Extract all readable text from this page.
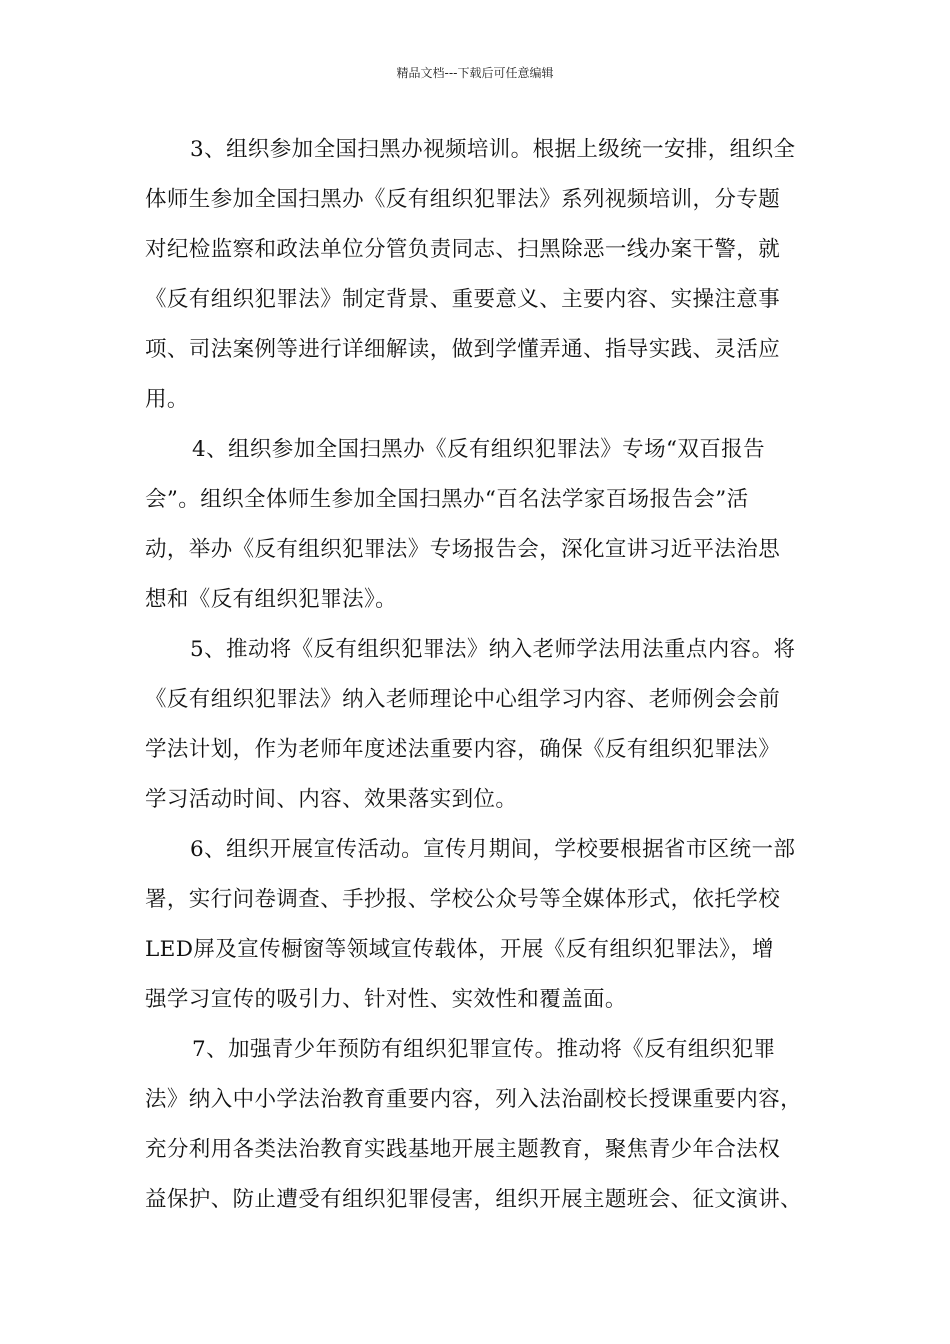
精品文档---下载后可任意编辑
3、组织参加全国扫黑办视频培训。根据上级统一安排，组织全
体师生参加全国扫黑办《反有组织犯罪法》系列视频培训，分专题
对纪检监察和政法单位分管负责同志、扫黑除恶一线办案干警，就
《反有组织犯罪法》制定背景、重要意义、主要内容、实操注意事
项、司法案例等进行详细解读，做到学懂弄通、指导实践、灵活应
用。
4、组织参加全国扫黑办《反有组织犯罪法》专场“双百报告
会”。组织全体师生参加全国扫黑办“百名法学家百场报告会”活
动，举办《反有组织犯罪法》专场报告会，深化宣讲习近平法治思
想和《反有组织犯罪法》。
5、推动将《反有组织犯罪法》纳入老师学法用法重点内容。将
《反有组织犯罪法》纳入老师理论中心组学习内容、老师例会会前
学法计划，作为老师年度述法重要内容，确保《反有组织犯罪法》
学习活动时间、内容、效果落实到位。
6、组织开展宣传活动。宣传月期间，学校要根据省市区统一部
署，实行问卷调查、手抄报、学校公众号等全媒体形式，依托学校
LED屏及宣传橱窗等领域宣传载体，开展《反有组织犯罪法》，增
强学习宣传的吸引力、针对性、实效性和覆盖面。
7、加强青少年预防有组织犯罪宣传。推动将《反有组织犯罪
法》纳入中小学法治教育重要内容，列入法治副校长授课重要内容，
充分利用各类法治教育实践基地开展主题教育，聚焦青少年合法权
益保护、防止遭受有组织犯罪侵害，组织开展主题班会、征文演讲、
